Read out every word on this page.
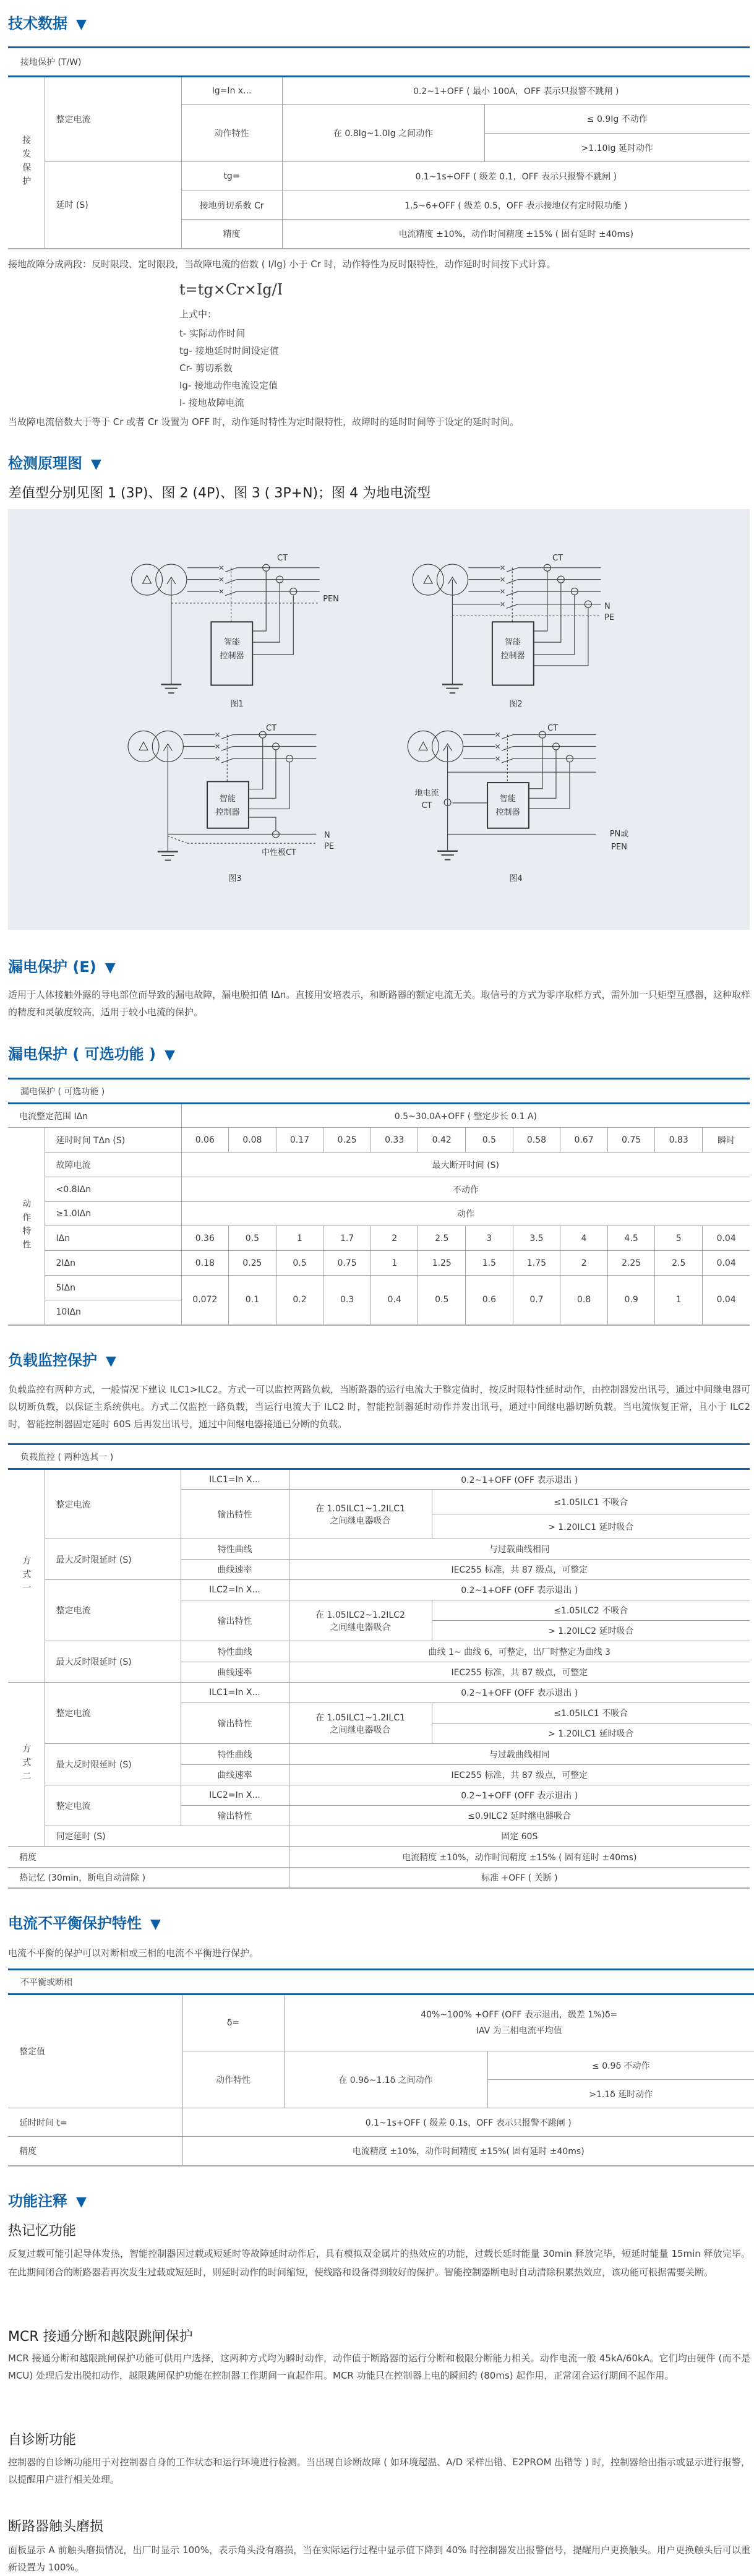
技术数据 ▼
接地保护 (T/W)				
接发保护	整定电流	Ig=In x...	0.2~1+OFF ( 最小 100A，OFF 表示只报警不跳闸 )	
		动作特性	在 0.8Ig~1.0Ig 之间动作	≤ 0.9Ig 不动作
				>1.10Ig 延时动作
	延时 (S)	tg=	0.1~1s+OFF ( 级差 0.1，OFF 表示只报警不跳闸 )	
		接地剪切系数 Cr	1.5~6+OFF ( 级差 0.5，OFF 表示接地仅有定时限功能 )	
		精度	电流精度 ±10%，动作时间精度 ±15% ( 固有延时 ±40ms)	
接地故障分成两段：反时限段、定时限段，当故障电流的倍数 ( I/Ig) 小于 Cr 时，动作特性为反时限特性，动作延时时间按下式计算。
t=tg×Cr×Ig/I
上式中：
t- 实际动作时间
tg- 接地延时时间设定值
Cr- 剪切系数
Ig- 接地动作电流设定值
I- 接地故障电流
当故障电流倍数大于等于 Cr 或者 Cr 设置为 OFF 时，动作延时特性为定时限特性，故障时的延时时间等于设定的延时时间。
检测原理图 ▼
差值型分别见图 1 (3P)、图 2 (4P)、图 3 ( 3P+N)；图 4 为地电流型
CT
PEN
智能
控制器
图1
CT
N
PE
智能
控制器
图2
CT
N
PE
中性极CT
智能
控制器
图3
CT
地电流
CT
智能
控制器
PN或
PEN
图4
漏电保护 (E) ▼
适用于人体接触外露的导电部位而导致的漏电故障，漏电脱扣值 IΔn。直接用安培表示，和断路器的额定电流无关。取信号的方式为零序取样方式，需外加一只矩型互感器，这种取样的精度和灵敏度较高，适用于较小电流的保护。
漏电保护 ( 可选功能 ) ▼
漏电保护 ( 可选功能 )													
电流整定范围 IΔn		0.5~30.0A+OFF ( 整定步长 0.1 A)											
动作特性	延时时间 TΔn (S)	0.06	0.08	0.17	0.25	0.33	0.42	0.5	0.58	0.67	0.75	0.83	瞬时
	故障电流	最大断开时间 (S)											
	<0.8IΔn	不动作											
	≥1.0IΔn	动作											
	IΔn	0.36	0.5	1	1.7	2	2.5	3	3.5	4	4.5	5	0.04
	2IΔn	0.18	0.25	0.5	0.75	1	1.25	1.5	1.75	2	2.25	2.5	0.04
	5IΔn	0.072	0.1	0.2	0.3	0.4	0.5	0.6	0.7	0.8	0.9	1	0.04
	10IΔn												
负载监控保护 ▼
负载监控有两种方式，一般情况下建议 ILC1>ILC2。方式一可以监控两路负载，当断路器的运行电流大于整定值时，按反时限特性延时动作，由控制器发出讯号，通过中间继电器可以切断负载，以保证主系统供电。方式二仅监控一路负载，当运行电流大于 ILC2 时，智能控制器延时动作并发出讯号，通过中间继电器切断负载。当电流恢复正常，且小于 ILC2 时，智能控制器固定延时 60S 后再发出讯号，通过中间继电器接通已分断的负载。
负载监控 ( 两种选其一 )				
方式一	整定电流	ILC1=In X...	0.2~1+OFF (OFF 表示退出 )	
		输出特性	在 1.05ILC1~1.2ILC1
之间继电器吸合	≤1.05ILC1 不吸合
				> 1.20ILC1 延时吸合
	最大反时限延时 (S)	特性曲线	与过载曲线相同	
		曲线速率	IEC255 标准，共 87 级点，可整定	
	整定电流	ILC2=In X...	0.2~1+OFF (OFF 表示退出 )	
		输出特性	在 1.05ILC2~1.2ILC2
之间继电器吸合	≤1.05ILC2 不吸合
				> 1.20ILC2 延时吸合
	最大反时限延时 (S)	特性曲线	曲线 1~ 曲线 6，可整定，出厂时整定为曲线 3	
		曲线速率	IEC255 标准，共 87 级点，可整定	
方式二	整定电流	ILC1=In X...	0.2~1+OFF (OFF 表示退出 )	
		输出特性	在 1.05ILC1~1.2ILC1
之间继电器吸合	≤1.05ILC1 不吸合
				> 1.20ILC1 延时吸合
	最大反时限延时 (S)	特性曲线	与过载曲线相同	
		曲线速率	IEC255 标准，共 87 级点，可整定	
	整定电流	ILC2=In X...	0.2~1+OFF (OFF 表示退出 )	
		输出特性	≤0.9ILC2 延时继电器吸合	
	同定延时 (S)		固定 60S	
精度			电流精度 ±10%，动作时间精度 ±15% ( 固有延时 ±40ms)	
热记忆 (30min，断电自动清除 )			标准 +OFF ( 关断 )	
电流不平衡保护特性 ▼
电流不平衡的保护可以对断相或三相的电流不平衡进行保护。
不平衡或断相			
整定值	δ=	40%~100% +OFF (OFF 表示退出，级差 1%)δ=
IAV 为三相电流平均值	

	动作特性	在 0.9δ~1.1δ 之间动作	≤ 0.9δ 不动作
			>1.1δ 延时动作
延时时间 t=	0.1~1s+OFF ( 级差 0.1s，OFF 表示只报警不跳闸 )		
精度	电流精度 ±10%，动作时间精度 ±15%( 固有延时 ±40ms)		
功能注释 ▼
热记忆功能
反复过载可能引起导体发热，智能控制器因过载或短延时等故障延时动作后，具有模拟双金属片的热效应的功能，过载长延时能量 30min 释放完毕，短延时能量 15min 释放完毕。在此期间闭合的断路器若再次发生过载或短延时，则延时动作的时间缩短，使线路和设备得到较好的保护。智能控制器断电时自动清除积累热效应，该功能可根据需要关断。
MCR 接通分断和越限跳闸保护
MCR 接通分断和越限跳闸保护功能可供用户选择，这两种方式均为瞬时动作，动作值于断路器的运行分断和极限分断能力相关。动作电流一般 45kA/60kA。它们均由硬件 (而不是 MCU) 处理后发出脱扣动作，越限跳闸保护功能在控制器工作期间一直起作用。MCR 功能只在控制器上电的瞬间约 (80ms) 起作用，正常闭合运行期间不起作用。
自诊断功能
控制器的自诊断功能用于对控制器自身的工作状态和运行环境进行检测。当出现自诊断故障 ( 如环境超温、A/D 采样出错、E2PROM 出错等 ) 时，控制器给出指示或显示进行报警，以提醒用户进行相关处理。
断路器触头磨损
面板显示 A 前触头磨损情况，出厂时显示 100%，表示角头没有磨损，当在实际运行过程中显示值下降到 40% 时控制器发出报警信号，提醒用户更换触头。用户更换触头后可以重新设置为 100%。
